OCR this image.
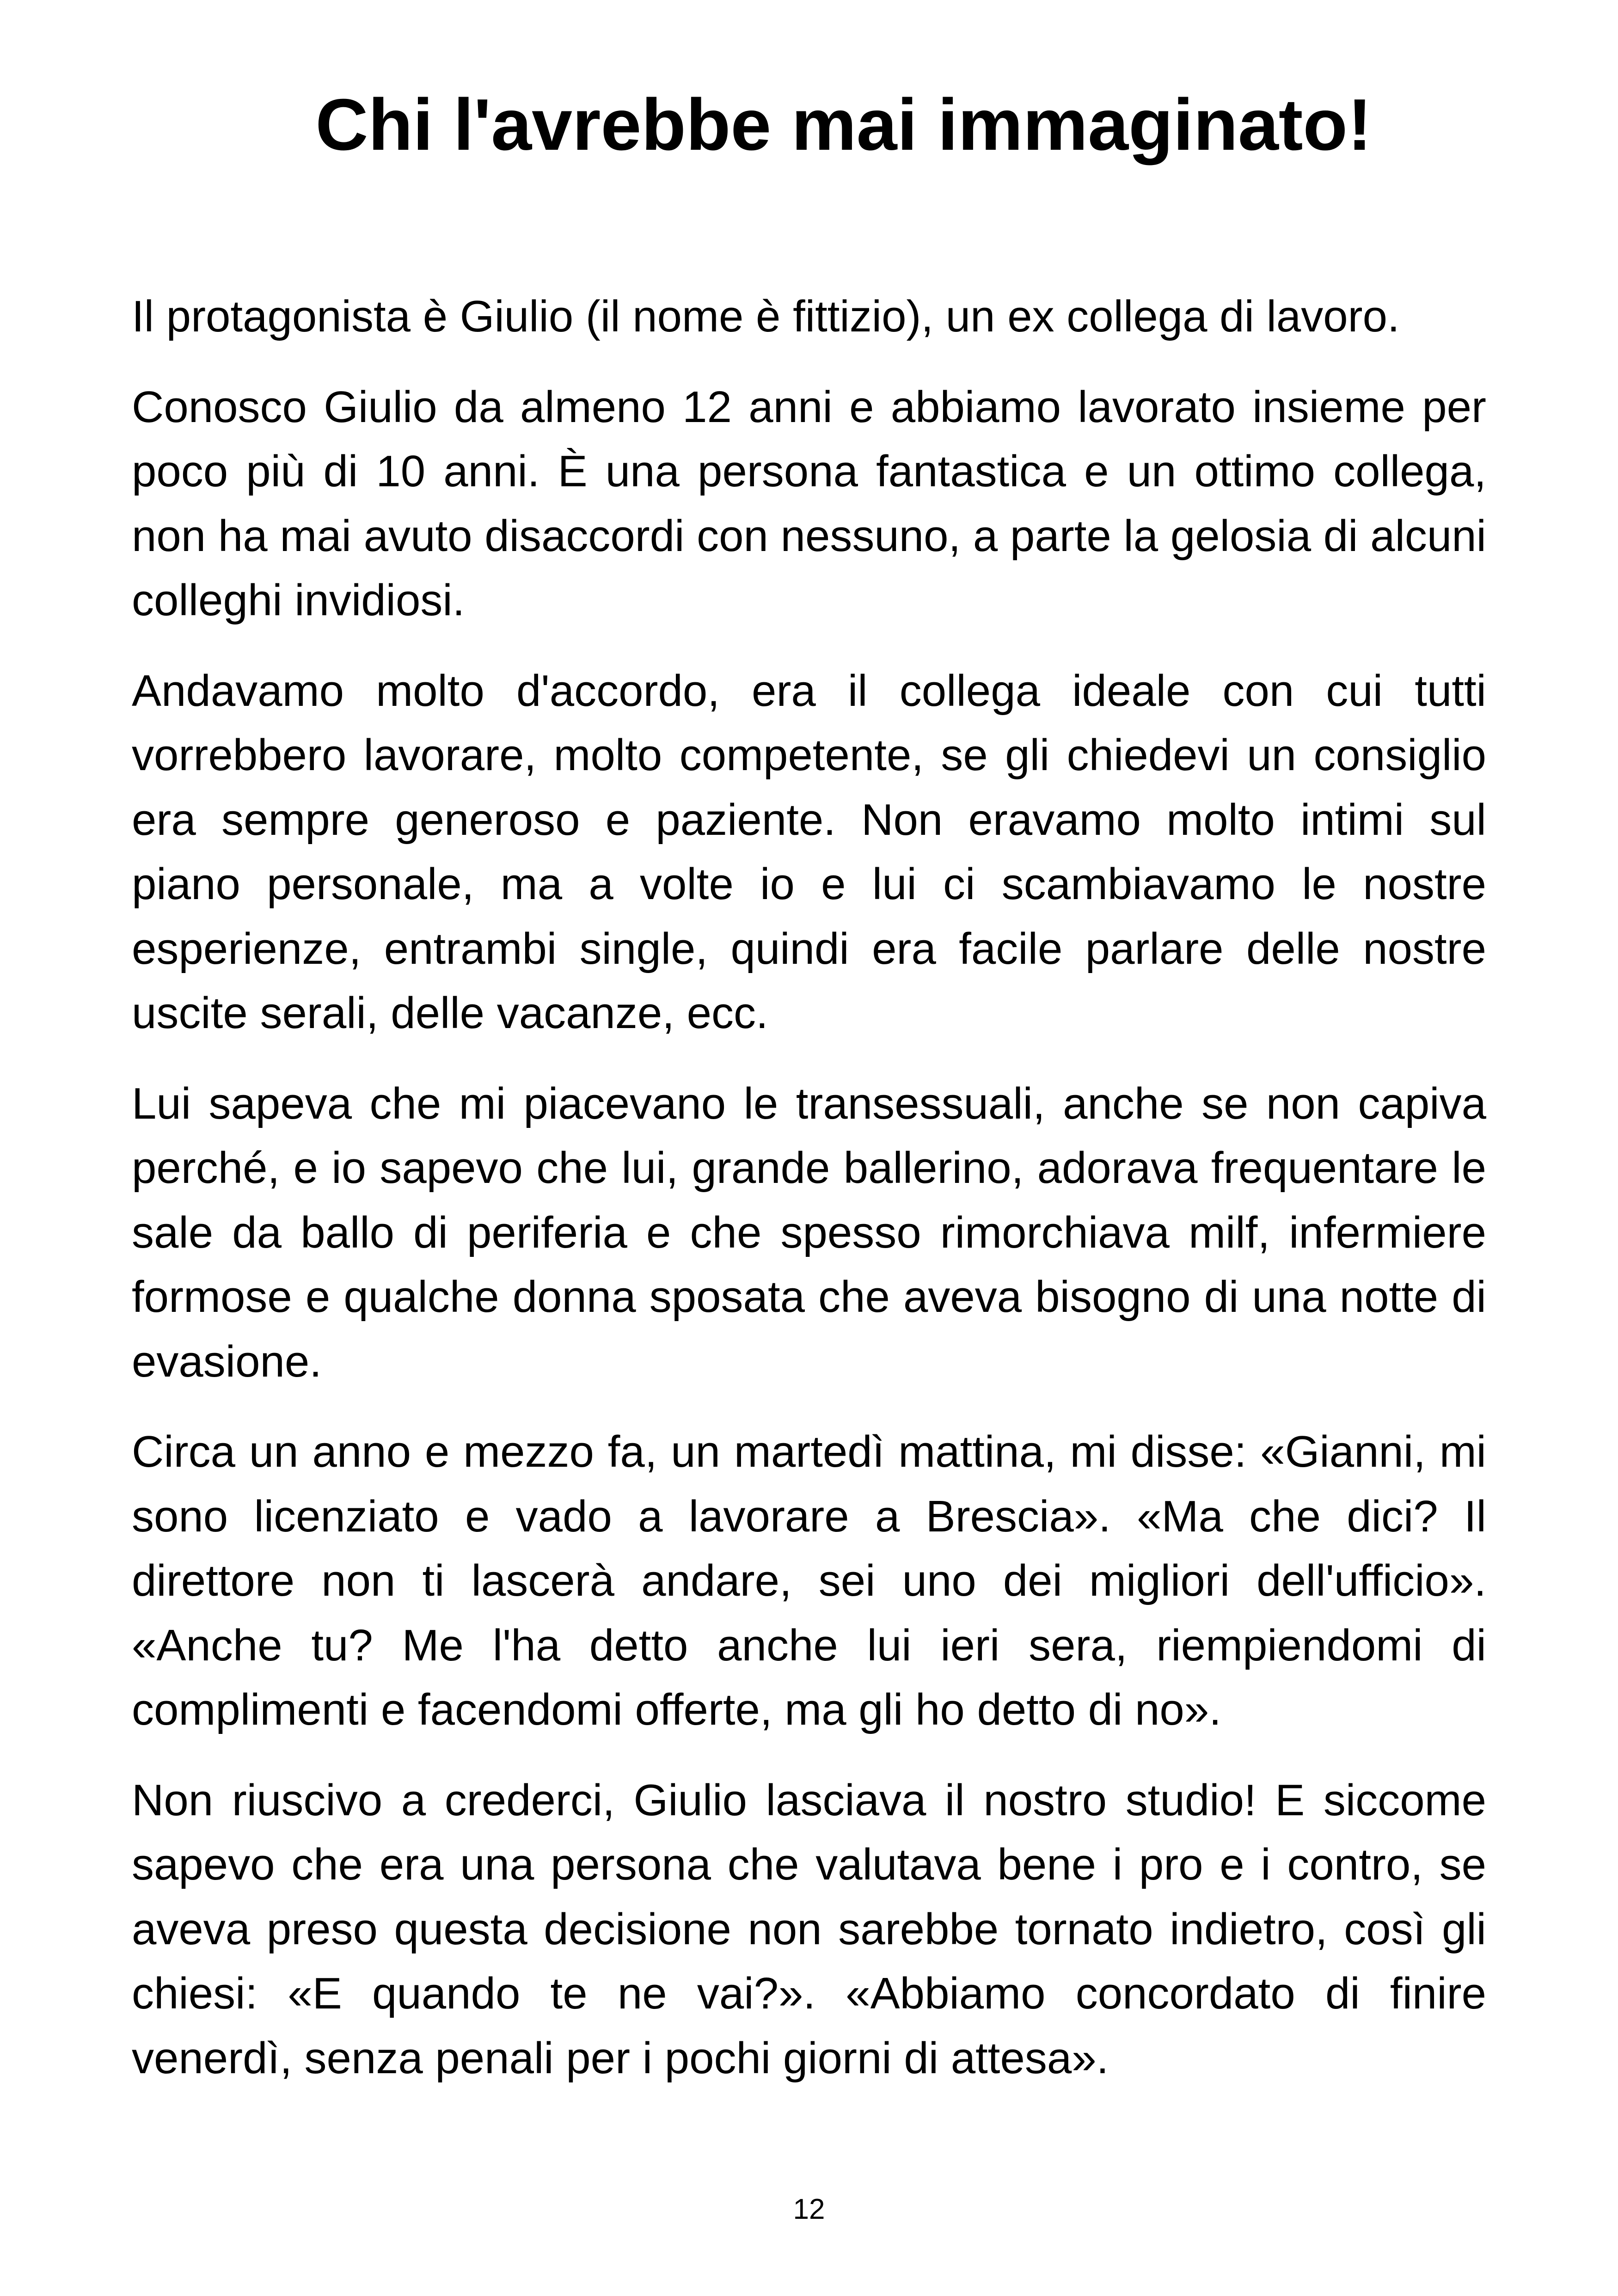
Chi l'avrebbe mai immaginato!

Il protagonista è Giulio (il nome è fittizio), un ex collega di lavoro.

Conosco Giulio da almeno 12 anni e abbiamo lavorato insieme per poco più di 10 anni. È una persona fantastica e un ottimo collega, non ha mai avuto disaccordi con nessuno, a parte la gelosia di alcuni colleghi invidiosi.

Andavamo molto d'accordo, era il collega ideale con cui tutti vorrebbero lavorare, molto competente, se gli chiedevi un consiglio era sempre generoso e paziente. Non eravamo molto intimi sul piano personale, ma a volte io e lui ci scambiavamo le nostre esperienze, entrambi single, quindi era facile parlare delle nostre uscite serali, delle vacanze, ecc.

Lui sapeva che mi piacevano le transessuali, anche se non capiva perché, e io sapevo che lui, grande ballerino, adorava frequentare le sale da ballo di periferia e che spesso rimorchiava milf, infermiere formose e qualche donna sposata che aveva bisogno di una notte di evasione.

Circa un anno e mezzo fa, un martedì mattina, mi disse: «Gianni, mi sono licenziato e vado a lavorare a Brescia». «Ma che dici? Il direttore non ti lascerà andare, sei uno dei migliori dell'ufficio». «Anche tu? Me l'ha detto anche lui ieri sera, riempiendomi di complimenti e facendomi offerte, ma gli ho detto di no».

Non riuscivo a crederci, Giulio lasciava il nostro studio! E siccome sapevo che era una persona che valutava bene i pro e i contro, se aveva preso questa decisione non sarebbe tornato indietro, così gli chiesi: «E quando te ne vai?». «Abbiamo concordato di finire venerdì, senza penali per i pochi giorni di attesa».

12
